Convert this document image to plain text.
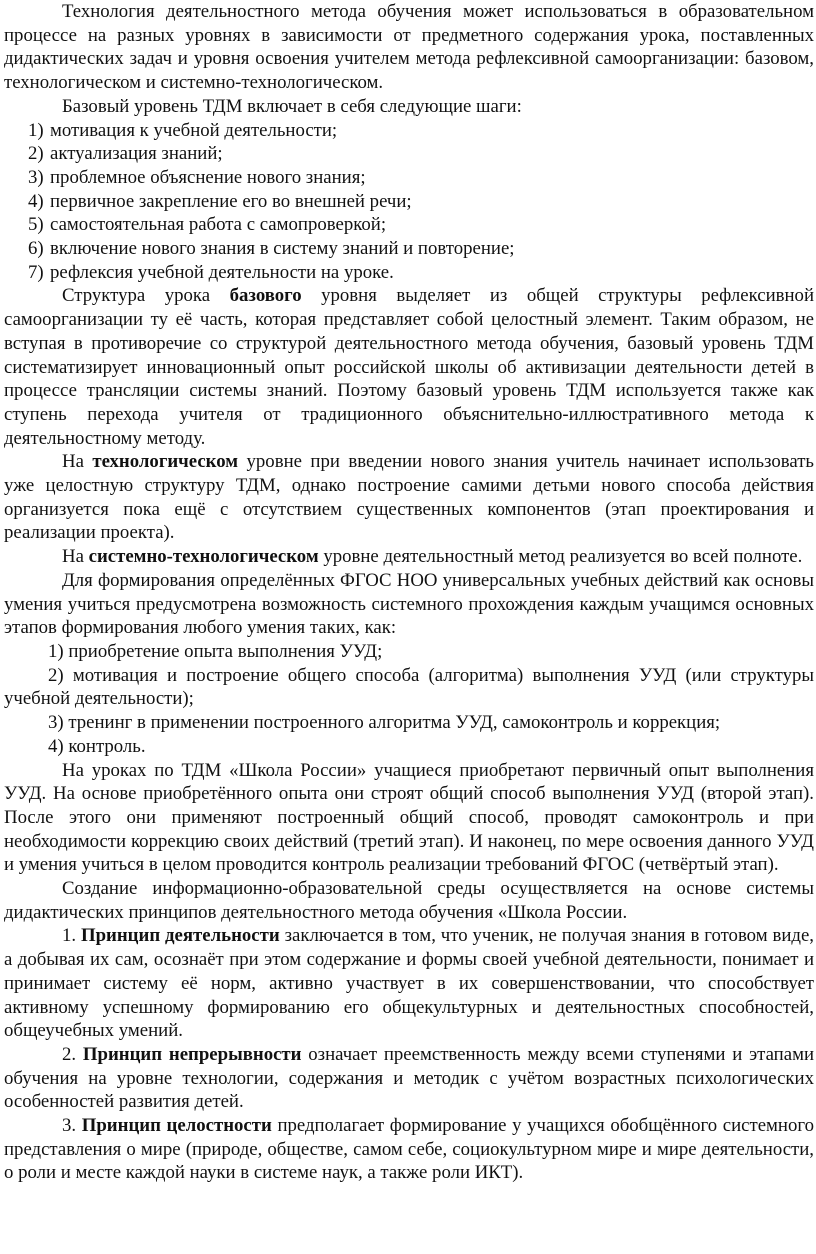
Технология деятельностного метода обучения может использоваться в образовательном процессе на разных уровнях в зависимости от предметного содержания урока, поставленных дидактических задач и уровня освоения учителем метода рефлексивной самоорганизации: базовом, технологическом и системно-технологическом.

Базовый уровень ТДМ включает в себя следующие шаги:

1) мотивация к учебной деятельности;

2) актуализация знаний;

3) проблемное объяснение нового знания;

4) первичное закрепление его во внешней речи;

5) самостоятельная работа с самопроверкой;

6) включение нового знания в систему знаний и повторение;

7) рефлексия учебной деятельности на уроке.

Структура урока базового уровня выделяет из общей структуры рефлексивной самоорганизации ту её часть, которая представляет собой целостный элемент. Таким образом, не вступая в противоречие со структурой деятельностного метода обучения, базовый уровень ТДМ систематизирует инновационный опыт российской школы об активизации деятельности детей в процессе трансляции системы знаний. Поэтому базовый уровень ТДМ используется также как ступень перехода учителя от традиционного объяснительно-иллюстративного метода к деятельностному методу.

На технологическом уровне при введении нового знания учитель начинает использовать уже целостную структуру ТДМ, однако построение самими детьми нового способа действия организуется пока ещё с отсутствием существенных компонентов (этап проектирования и реализации проекта).

На системно-технологическом уровне деятельностный метод реализуется во всей полноте.

Для формирования определённых ФГОС НОО универсальных учебных действий как основы умения учиться предусмотрена возможность системного прохождения каждым учащимся основных этапов формирования любого умения таких, как:

1) приобретение опыта выполнения УУД;

2) мотивация и построение общего способа (алгоритма) выполнения УУД (или структуры учебной деятельности);

3) тренинг в применении построенного алгоритма УУД, самоконтроль и коррекция;

4) контроль.

На уроках по ТДМ «Школа России» учащиеся приобретают первичный опыт выполнения УУД. На основе приобретённого опыта они строят общий способ выполнения УУД (второй этап). После этого они применяют построенный общий способ, проводят самоконтроль и при необходимости коррекцию своих действий (третий этап). И наконец, по мере освоения данного УУД и умения учиться в целом проводится контроль реализации требований ФГОС (четвёртый этап).

Создание информационно-образовательной среды осуществляется на основе системы дидактических принципов деятельностного метода обучения «Школа России.

1. Принцип деятельности заключается в том, что ученик, не получая знания в готовом виде, а добывая их сам, осознаёт при этом содержание и формы своей учебной деятельности, понимает и принимает систему её норм, активно участвует в их совершенствовании, что способствует активному успешному формированию его общекультурных и деятельностных способностей, общеучебных умений.

2. Принцип непрерывности означает преемственность между всеми ступенями и этапами обучения на уровне технологии, содержания и методик с учётом возрастных психологических особенностей развития детей.

3. Принцип целостности предполагает формирование у учащихся обобщённого системного представления о мире (природе, обществе, самом себе, социокультурном мире и мире деятельности, о роли и месте каждой науки в системе наук, а также роли ИКТ).
